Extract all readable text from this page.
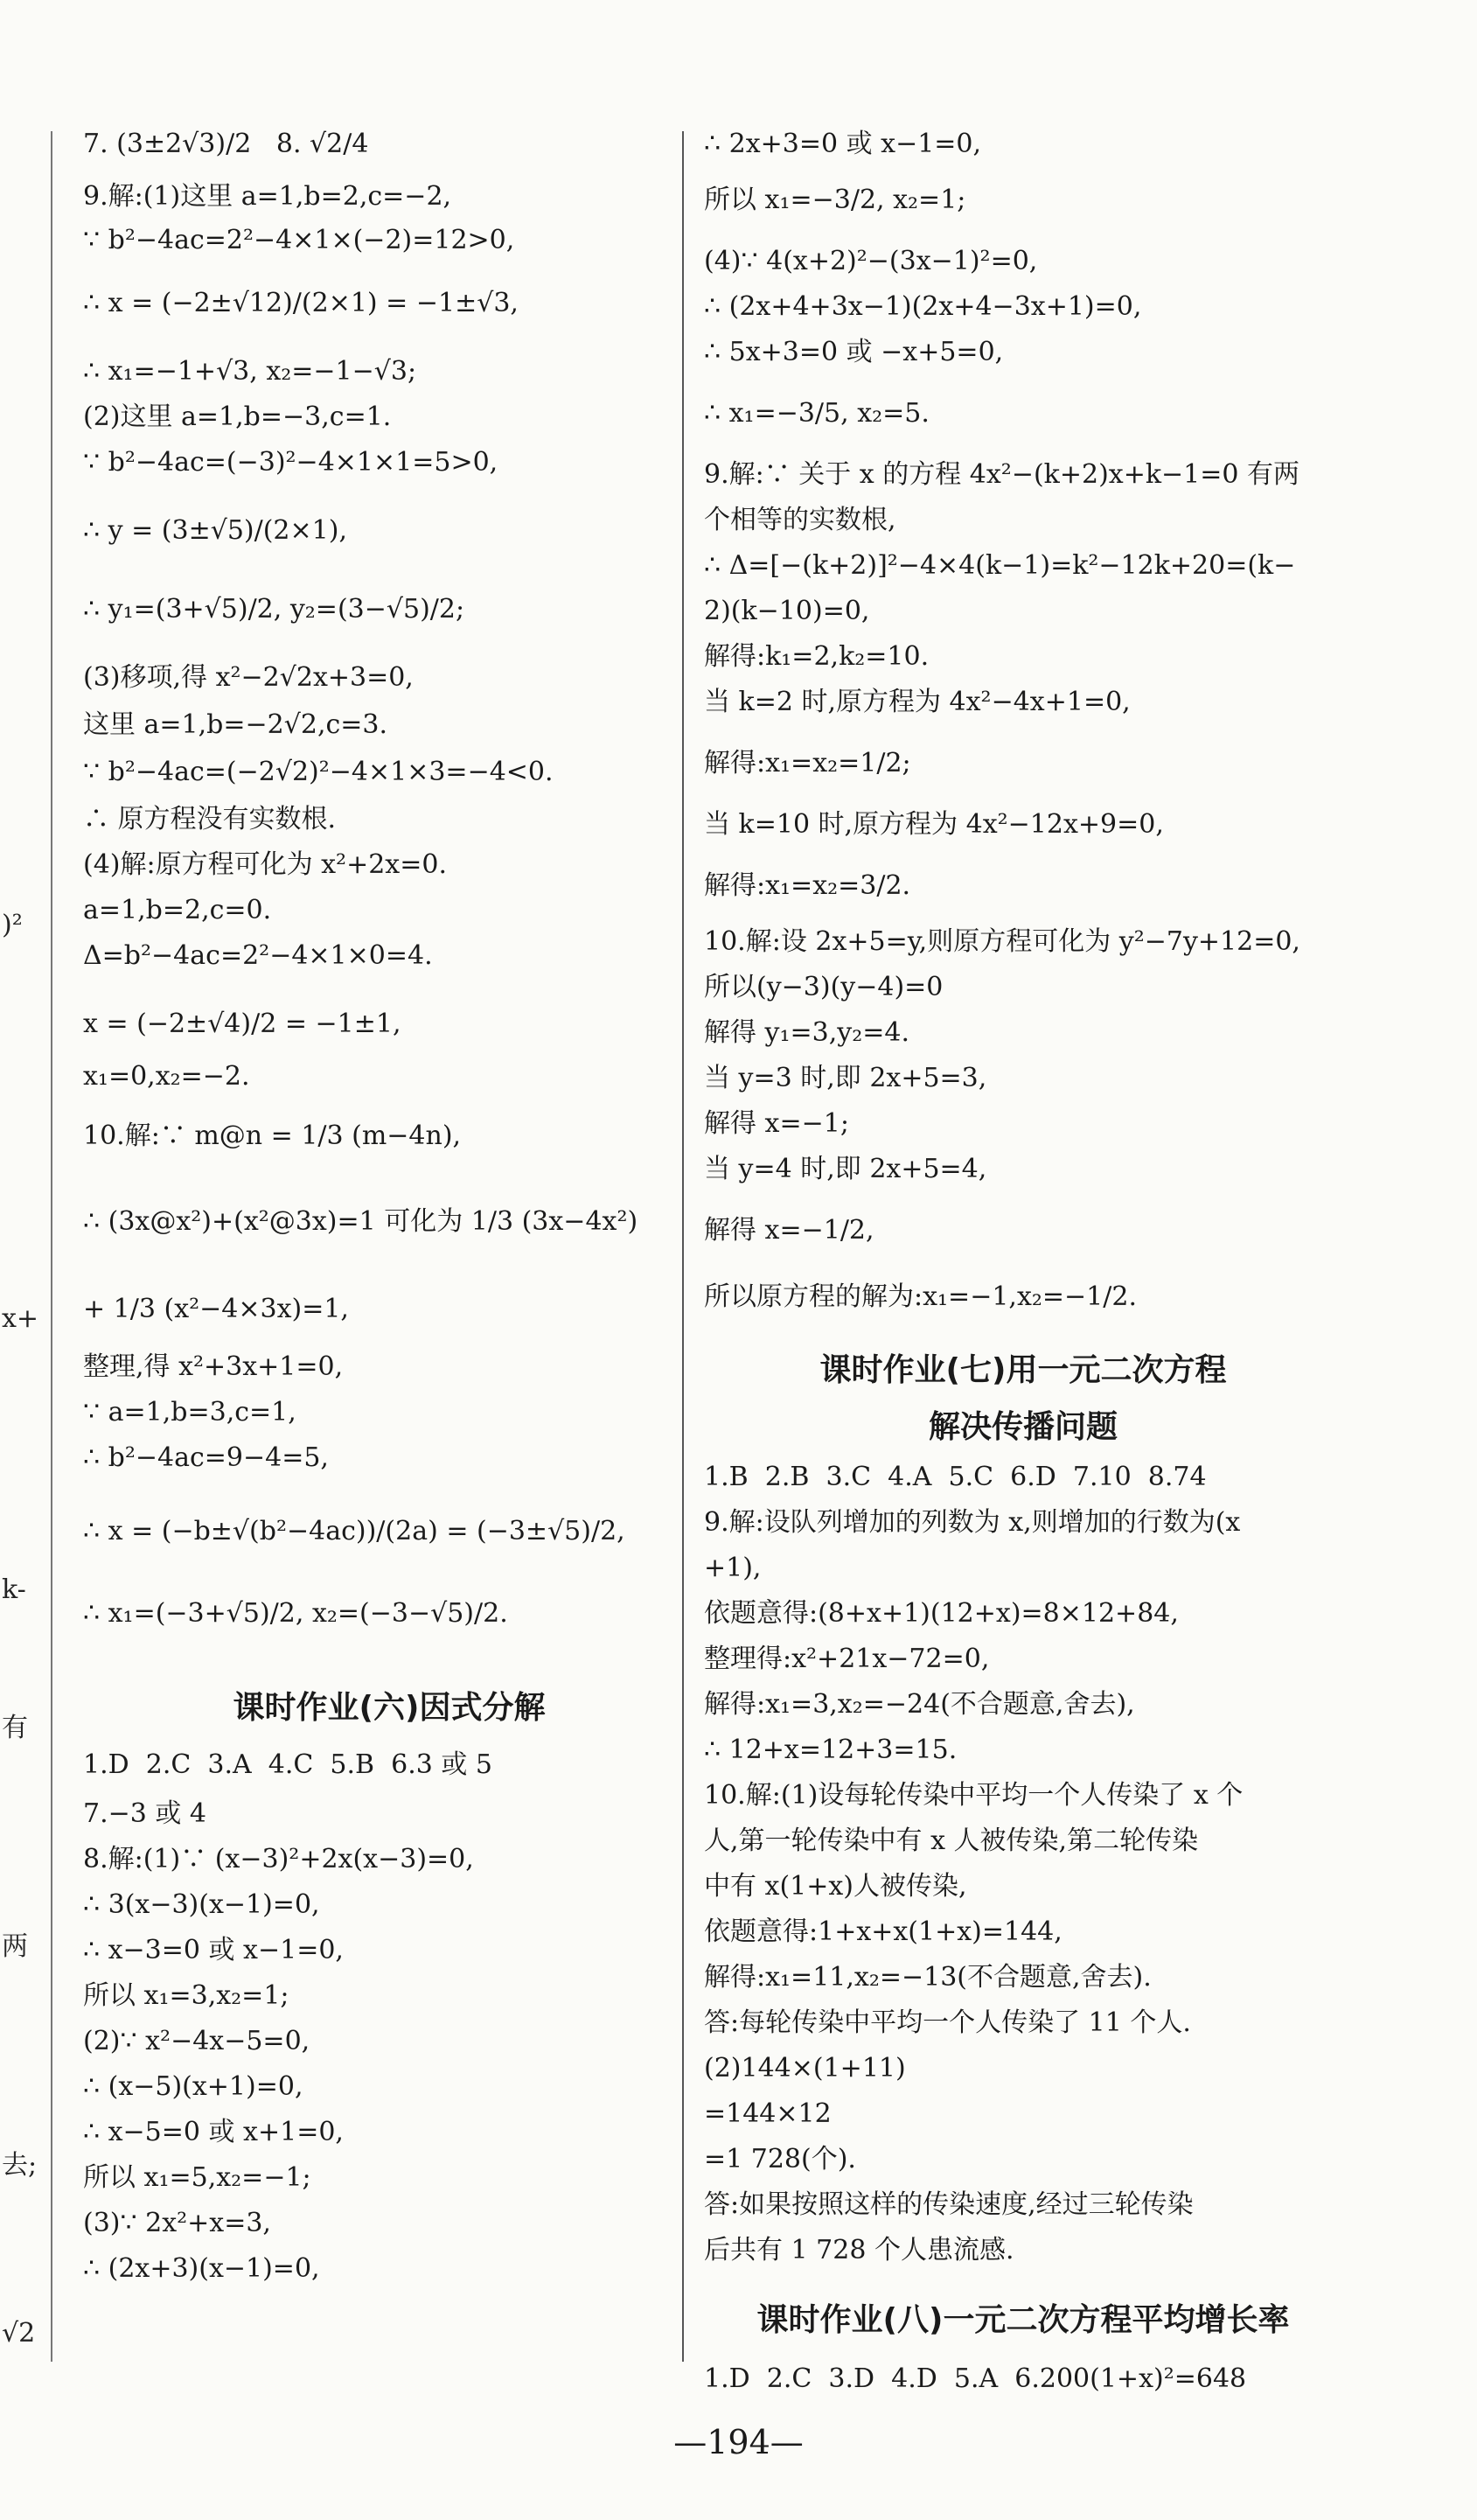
)²
x+
k-
有
两
去;
√2

7. (3±2√3)/2   8. √2/4

9.解:(1)这里 a=1,b=2,c=−2,

∵ b²−4ac=2²−4×1×(−2)=12>0,

∴ x = (−2±√12)/(2×1) = −1±√3,

∴ x₁=−1+√3, x₂=−1−√3;

(2)这里 a=1,b=−3,c=1.

∵ b²−4ac=(−3)²−4×1×1=5>0,

∴ y = (3±√5)/(2×1),

∴ y₁=(3+√5)/2, y₂=(3−√5)/2;

(3)移项,得 x²−2√2x+3=0,

这里 a=1,b=−2√2,c=3.

∵ b²−4ac=(−2√2)²−4×1×3=−4<0.

∴ 原方程没有实数根.

(4)解:原方程可化为 x²+2x=0.

a=1,b=2,c=0.

Δ=b²−4ac=2²−4×1×0=4.

x = (−2±√4)/2 = −1±1,

x₁=0,x₂=−2.

10.解:∵ m@n = 1/3 (m−4n),

∴ (3x@x²)+(x²@3x)=1 可化为 1/3 (3x−4x²)

+ 1/3 (x²−4×3x)=1,

整理,得 x²+3x+1=0,

∵ a=1,b=3,c=1,

∴ b²−4ac=9−4=5,

∴ x = (−b±√(b²−4ac))/(2a) = (−3±√5)/2,

∴ x₁=(−3+√5)/2, x₂=(−3−√5)/2.

课时作业(六)因式分解

1.D  2.C  3.A  4.C  5.B  6.3 或 5

7.−3 或 4

8.解:(1)∵ (x−3)²+2x(x−3)=0,

∴ 3(x−3)(x−1)=0,

∴ x−3=0 或 x−1=0,

所以 x₁=3,x₂=1;

(2)∵ x²−4x−5=0,

∴ (x−5)(x+1)=0,

∴ x−5=0 或 x+1=0,

所以 x₁=5,x₂=−1;

(3)∵ 2x²+x=3,

∴ (2x+3)(x−1)=0,

∴ 2x+3=0 或 x−1=0,

所以 x₁=−3/2, x₂=1;

(4)∵ 4(x+2)²−(3x−1)²=0,

∴ (2x+4+3x−1)(2x+4−3x+1)=0,

∴ 5x+3=0 或 −x+5=0,

∴ x₁=−3/5, x₂=5.

9.解:∵ 关于 x 的方程 4x²−(k+2)x+k−1=0 有两

个相等的实数根,

∴ Δ=[−(k+2)]²−4×4(k−1)=k²−12k+20=(k−

2)(k−10)=0,

解得:k₁=2,k₂=10.

当 k=2 时,原方程为 4x²−4x+1=0,

解得:x₁=x₂=1/2;

当 k=10 时,原方程为 4x²−12x+9=0,

解得:x₁=x₂=3/2.

10.解:设 2x+5=y,则原方程可化为 y²−7y+12=0,

所以(y−3)(y−4)=0

解得 y₁=3,y₂=4.

当 y=3 时,即 2x+5=3,

解得 x=−1;

当 y=4 时,即 2x+5=4,

解得 x=−1/2,

所以原方程的解为:x₁=−1,x₂=−1/2.

课时作业(七)用一元二次方程

解决传播问题

1.B  2.B  3.C  4.A  5.C  6.D  7.10  8.74

9.解:设队列增加的列数为 x,则增加的行数为(x

+1),

依题意得:(8+x+1)(12+x)=8×12+84,

整理得:x²+21x−72=0,

解得:x₁=3,x₂=−24(不合题意,舍去),

∴ 12+x=12+3=15.

10.解:(1)设每轮传染中平均一个人传染了 x 个

人,第一轮传染中有 x 人被传染,第二轮传染

中有 x(1+x)人被传染,

依题意得:1+x+x(1+x)=144,

解得:x₁=11,x₂=−13(不合题意,舍去).

答:每轮传染中平均一个人传染了 11 个人.

(2)144×(1+11)

=144×12

=1 728(个).

答:如果按照这样的传染速度,经过三轮传染

后共有 1 728 个人患流感.

课时作业(八)一元二次方程平均增长率

1.D  2.C  3.D  4.D  5.A  6.200(1+x)²=648

—194—
